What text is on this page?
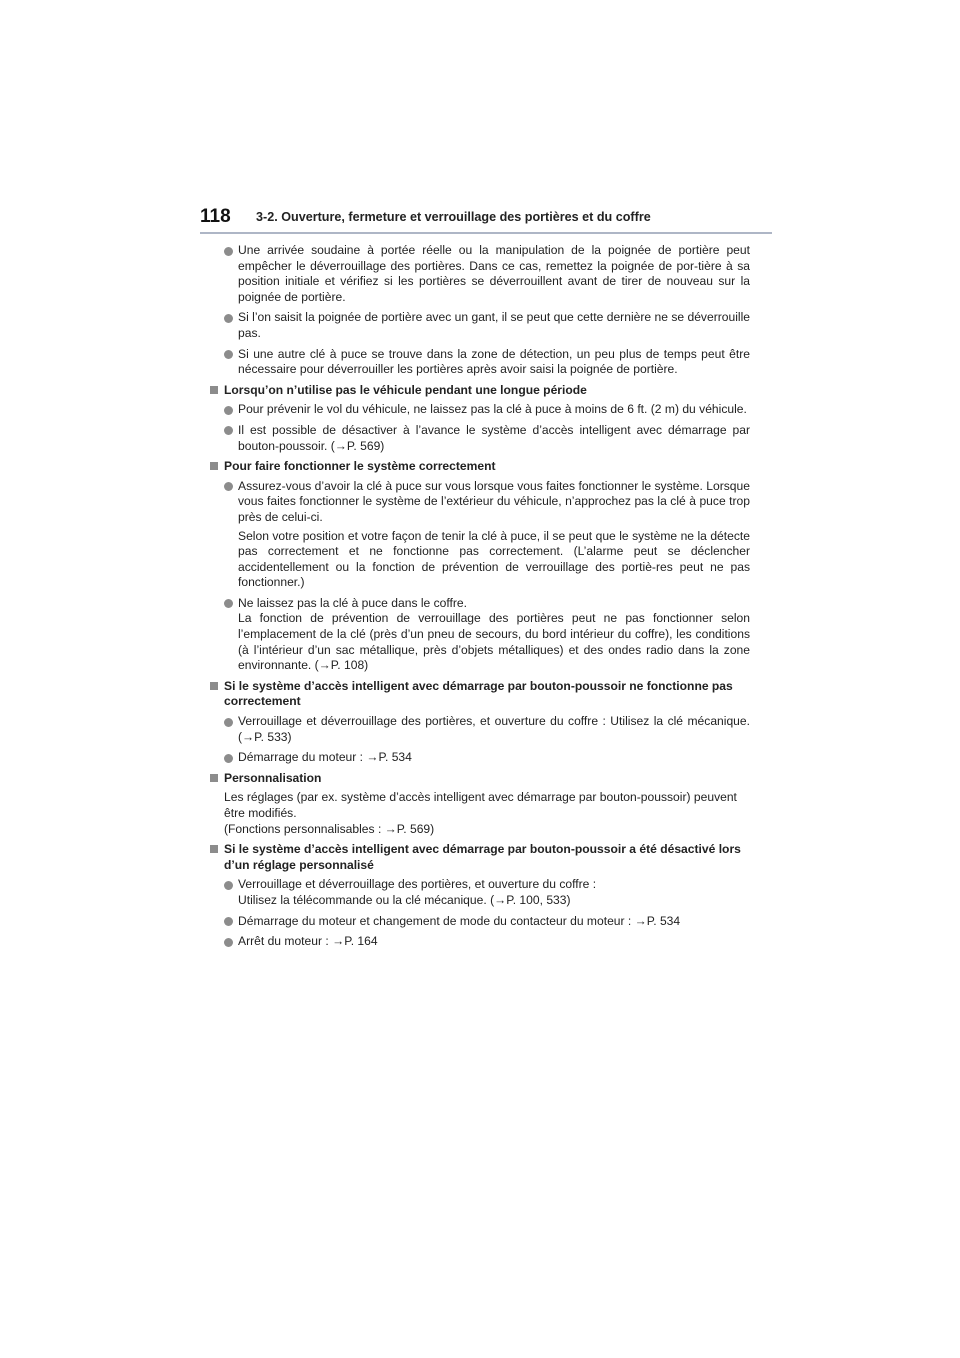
118 3-2. Ouverture, fermeture et verrouillage des portières et du coffre

Une arrivée soudaine à portée réelle ou la manipulation de la poignée de portière peut empêcher le déverrouillage des portières. Dans ce cas, remettez la poignée de por-tière à sa position initiale et vérifiez si les portières se déverrouillent avant de tirer de nouveau sur la poignée de portière.

Si l’on saisit la poignée de portière avec un gant, il se peut que cette dernière ne se déverrouille pas.

Si une autre clé à puce se trouve dans la zone de détection, un peu plus de temps peut être nécessaire pour déverrouiller les portières après avoir saisi la poignée de portière.

Lorsqu’on n’utilise pas le véhicule pendant une longue période

Pour prévenir le vol du véhicule, ne laissez pas la clé à puce à moins de 6 ft. (2 m) du véhicule.

Il est possible de désactiver à l’avance le système d’accès intelligent avec démarrage par bouton-poussoir. (→P. 569)

Pour faire fonctionner le système correctement

Assurez-vous d’avoir la clé à puce sur vous lorsque vous faites fonctionner le système. Lorsque vous faites fonctionner le système de l’extérieur du véhicule, n’approchez pas la clé à puce trop près de celui-ci.

Selon votre position et votre façon de tenir la clé à puce, il se peut que le système ne la détecte pas correctement et ne fonctionne pas correctement. (L’alarme peut se déclencher accidentellement ou la fonction de prévention de verrouillage des portiè-res peut ne pas fonctionner.)

Ne laissez pas la clé à puce dans le coffre.

La fonction de prévention de verrouillage des portières peut ne pas fonctionner selon l’emplacement de la clé (près d’un pneu de secours, du bord intérieur du coffre), les conditions (à l’intérieur d’un sac métallique, près d’objets métalliques) et des ondes radio dans la zone environnante. (→P. 108)

Si le système d’accès intelligent avec démarrage par bouton-poussoir ne fonctionne pas correctement

Verrouillage et déverrouillage des portières, et ouverture du coffre : Utilisez la clé mécanique. (→P. 533)

Démarrage du moteur : →P. 534

Personnalisation

Les réglages (par ex. système d’accès intelligent avec démarrage par bouton-poussoir) peuvent être modifiés.

(Fonctions personnalisables : →P. 569)

Si le système d’accès intelligent avec démarrage par bouton-poussoir a été désactivé lors d’un réglage personnalisé

Verrouillage et déverrouillage des portières, et ouverture du coffre :

Utilisez la télécommande ou la clé mécanique. (→P. 100, 533)

Démarrage du moteur et changement de mode du contacteur du moteur : →P. 534

Arrêt du moteur : →P. 164
